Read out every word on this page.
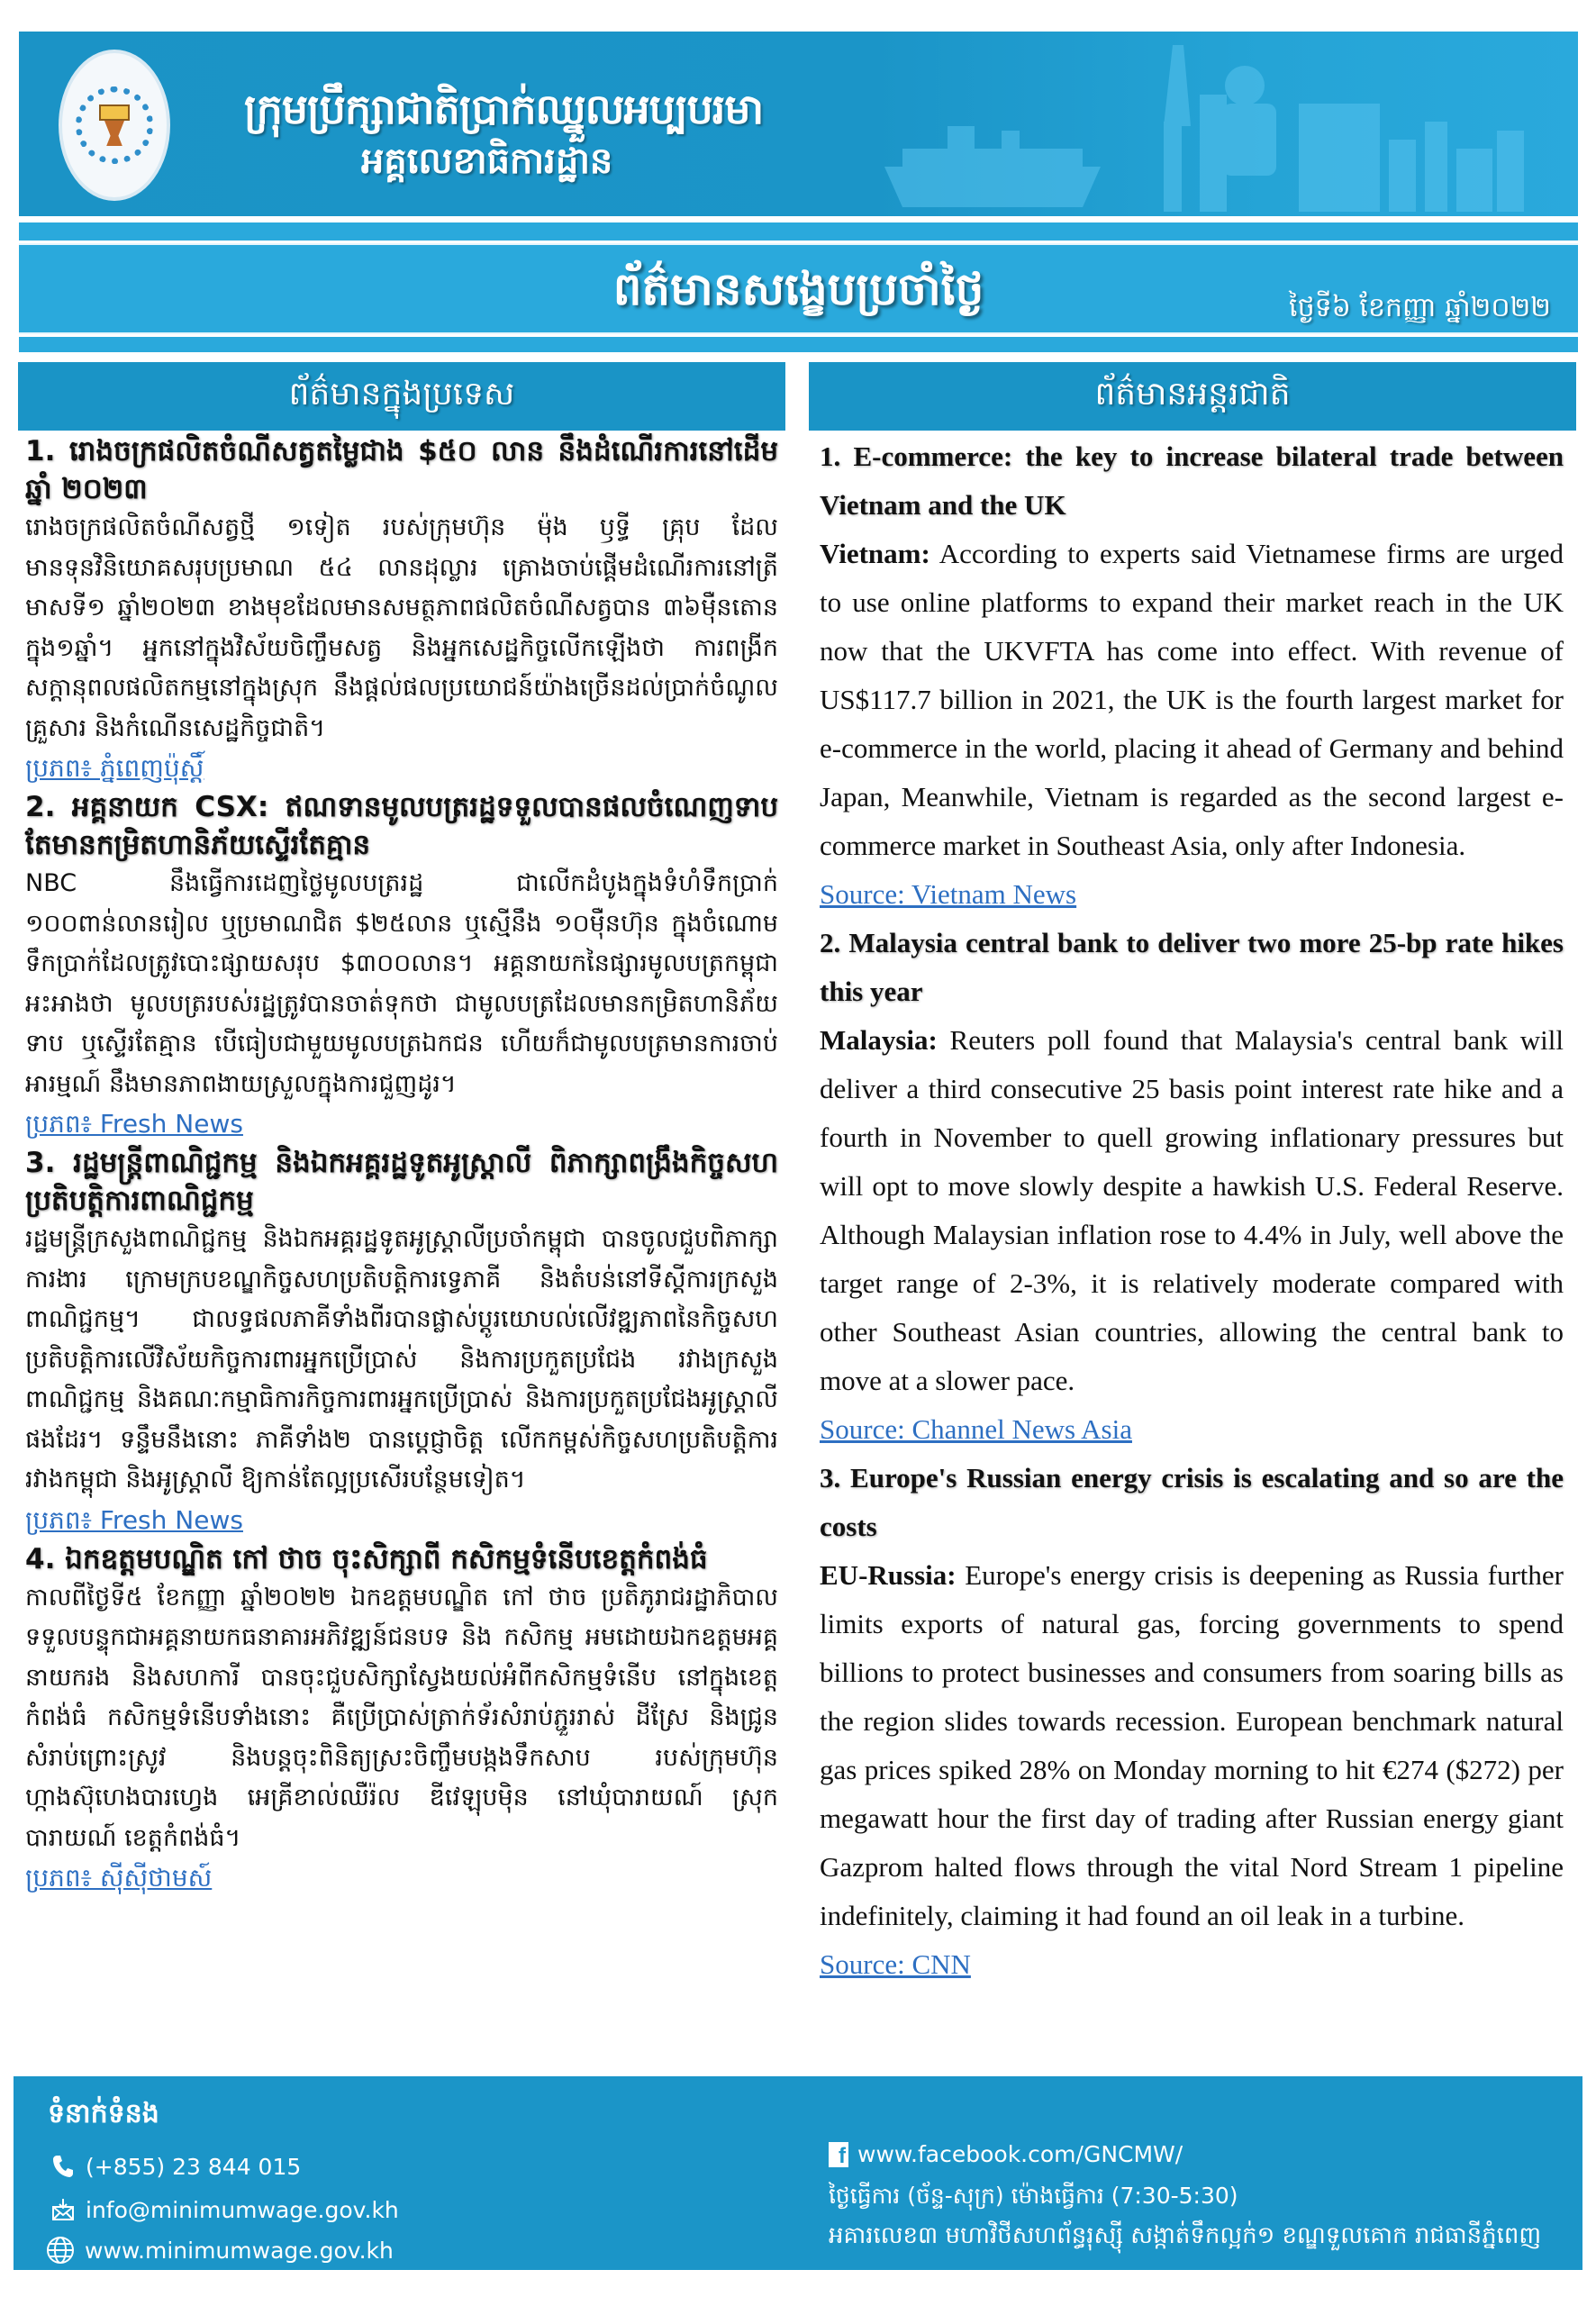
ក្រុមប្រឹក្សាជាតិប្រាក់ឈ្នួលអប្បបរមា
អគ្គលេខាធិការដ្ឋាន
ព័ត៌មានសង្ខេបប្រចាំថ្ងៃ	ថ្ងៃទី៦ ខែកញ្ញា ឆ្នាំ២០២២
ព័ត៌មានក្នុងប្រទេស	ព័ត៌មានអន្តរជាតិ
1. រោងចក្រផលិតចំណីសត្វតម្លៃជាង $៥០ លាន នឹងដំណើរការនៅដើមឆ្នាំ ២០២៣
រោងចក្រផលិតចំណីសត្វថ្មី ១ទៀត របស់ក្រុមហ៊ុន ម៉ុង ឫទ្ធី គ្រុប ដែលមានទុនវិនិយោគសរុបប្រមាណ ៥៤ លានដុល្លារ គ្រោងចាប់ផ្តើមដំណើរការនៅត្រីមាសទី១ ឆ្នាំ២០២៣ ខាងមុខដែលមានសមត្ថភាពផលិតចំណីសត្វបាន ៣៦ម៉ឺនតោន ក្នុង១ឆ្នាំ។ អ្នកនៅក្នុងវិស័យចិញ្ចឹមសត្វ និងអ្នកសេដ្ឋកិច្ចលើកឡើងថា ការពង្រីកសក្តានុពលផលិតកម្មនៅក្នុងស្រុក នឹងផ្តល់ផលប្រយោជន៍យ៉ាងច្រើនដល់ប្រាក់ចំណូលគ្រួសារ និងកំណើនសេដ្ឋកិច្ចជាតិ។
ប្រភព៖ ភ្នំពេញប៉ុស្តិ៍
2. អគ្គនាយក CSX: ឥណទានមូលបត្ររដ្ឋទទួលបានផលចំណេញទាប តែមានកម្រិតហានិភ័យស្ទើរតែគ្មាន
NBC នឹងធ្វើការដេញថ្លៃមូលបត្ររដ្ឋ ជាលើកដំបូងក្នុងទំហំទឹកប្រាក់ ១០០ពាន់លានរៀល ឬប្រមាណជិត $២៥លាន ឬស្មើនឹង ១០ម៉ឺនហ៊ុន ក្នុងចំណោមទឹកប្រាក់ដែលត្រូវបោះផ្សាយសរុប $៣០០លាន។ អគ្គនាយកនៃផ្សារមូលបត្រកម្ពុជា អះអាងថា មូលបត្ររបស់រដ្ឋត្រូវបានចាត់ទុកថា ជាមូលបត្រដែលមានកម្រិតហានិភ័យទាប ឬស្ទើរតែគ្មាន បើធៀបជាមួយមូលបត្រឯកជន ហើយក៏ជាមូលបត្រមានការចាប់អារម្មណ៍ នឹងមានភាពងាយស្រួលក្នុងការជួញដូរ។
ប្រភព៖ Fresh News
3. រដ្ឋមន្ត្រីពាណិជ្ជកម្ម និងឯកអគ្គរដ្ឋទូតអូស្ត្រាលី ពិភាក្សាពង្រឹងកិច្ចសហប្រតិបត្តិការពាណិជ្ជកម្ម
រដ្ឋមន្ត្រីក្រសួងពាណិជ្ជកម្ម និងឯកអគ្គរដ្ឋទូតអូស្ត្រាលីប្រចាំកម្ពុជា បានចូលជួបពិភាក្សាការងារ ក្រោមក្របខណ្ឌកិច្ចសហប្រតិបត្តិការទ្វេភាគី និងតំបន់នៅទីស្តីការក្រសួងពាណិជ្ជកម្ម។ ជាលទ្ធផលភាគីទាំងពីរបានផ្លាស់ប្តូរយោបល់លើវឌ្ឍភាពនៃកិច្ចសហប្រតិបត្តិការលើវិស័យកិច្ចការពារអ្នកប្រើប្រាស់ និងការប្រកួតប្រជែង រវាងក្រសួងពាណិជ្ជកម្ម និងគណៈកម្មាធិការកិច្ចការពារអ្នកប្រើប្រាស់ និងការប្រកួតប្រជែងអូស្ត្រាលីផងដែរ។ ទន្ទឹមនឹងនោះ ភាគីទាំង២ បានប្តេជ្ញាចិត្ត លើកកម្ពស់កិច្ចសហប្រតិបត្តិការរវាងកម្ពុជា និងអូស្ត្រាលី ឱ្យកាន់តែល្អប្រសើរបន្ថែមទៀត។
ប្រភព៖ Fresh News
4. ឯកឧត្តមបណ្ឌិត កៅ ថាច ចុះសិក្សាពី កសិកម្មទំនើបខេត្តកំពង់ធំ
កាលពីថ្ងៃទី៥ ខែកញ្ញា ឆ្នាំ២០២២ ឯកឧត្តមបណ្ឌិត កៅ ថាច ប្រតិភូរាជរដ្ឋាភិបាល ទទួលបន្ទុកជាអគ្គនាយកធនាគារអភិវឌ្ឍន៍ជនបទ និង កសិកម្ម អមដោយឯកឧត្តមអគ្គនាយករង និងសហការី បានចុះជួបសិក្សាស្វែងយល់អំពីកសិកម្មទំនើប នៅក្នុងខេត្តកំពង់ធំ កសិកម្មទំនើបទាំងនោះ គឺប្រើប្រាស់ត្រាក់ទ័រសំរាប់ភ្ជួររាស់ ដីស្រែ និងជ្រូនសំរាប់ព្រោះស្រូវ និងបន្តចុះពិនិត្យស្រះចិញ្ចឹមបង្កងទឹកសាប របស់ក្រុមហ៊ុន ហ្កាងស៊ុហេងបារហ្វេង អេគ្រីខាល់ឈឺរ៉ល ឌីវេឡុបម៉ិន នៅឃុំបារាយណ៍ ស្រុកបារាយណ៍ ខេត្តកំពង់ធំ។
ប្រភព៖ ស៊ីស៊ីថាមស៍
1. E-commerce: the key to increase bilateral trade between Vietnam and the UK
Vietnam: According to experts said Vietnamese firms are urged to use online platforms to expand their market reach in the UK now that the UKVFTA has come into effect. With revenue of US$117.7 billion in 2021, the UK is the fourth largest market for e-commerce in the world, placing it ahead of Germany and behind Japan, Meanwhile, Vietnam is regarded as the second largest e-commerce market in Southeast Asia, only after Indonesia.
Source: Vietnam News
2. Malaysia central bank to deliver two more 25-bp rate hikes this year
Malaysia: Reuters poll found that Malaysia's central bank will deliver a third consecutive 25 basis point interest rate hike and a fourth in November to quell growing inflationary pressures but will opt to move slowly despite a hawkish U.S. Federal Reserve. Although Malaysian inflation rose to 4.4% in July, well above the target range of 2-3%, it is relatively moderate compared with other Southeast Asian countries, allowing the central bank to move at a slower pace.
Source: Channel News Asia
3. Europe's Russian energy crisis is escalating and so are the costs
EU-Russia: Europe's energy crisis is deepening as Russia further limits exports of natural gas, forcing governments to spend billions to protect businesses and consumers from soaring bills as the region slides towards recession. European benchmark natural gas prices spiked 28% on Monday morning to hit €274 ($272) per megawatt hour the first day of trading after Russian energy giant Gazprom halted flows through the vital Nord Stream 1 pipeline indefinitely, claiming it had found an oil leak in a turbine.
Source: CNN
ទំនាក់ទំនង
(+855) 23 844 015
info@minimumwage.gov.kh
www.minimumwage.gov.kh
f www.facebook.com/GNCMW/
ថ្ងៃធ្វើការ (ច័ន្ទ-សុក្រ) ម៉ោងធ្វើការ (7:30-5:30)
អគារលេខ៣ មហាវិថីសហព័ន្ធរុស្ស៊ី សង្កាត់ទឹកល្អក់១ ខណ្ឌទួលគោក រាជធានីភ្នំពេញ
